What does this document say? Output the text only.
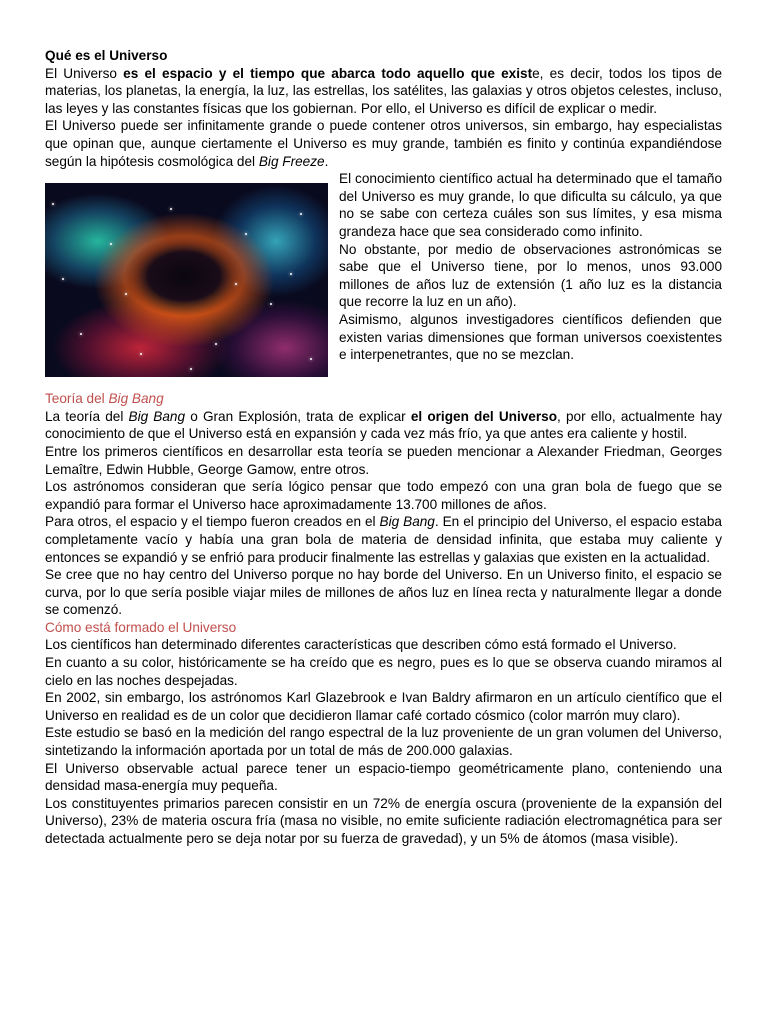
Qué es el Universo

El Universo es el espacio y el tiempo que abarca todo aquello que existe, es decir, todos los tipos de materias, los planetas, la energía, la luz, las estrellas, los satélites, las galaxias y otros objetos celestes, incluso, las leyes y las constantes físicas que los gobiernan. Por ello, el Universo es difícil de explicar o medir.

El Universo puede ser infinitamente grande o puede contener otros universos, sin embargo, hay especialistas que opinan que, aunque ciertamente el Universo es muy grande, también es finito y continúa expandiéndose según la hipótesis cosmológica del Big Freeze.

El conocimiento científico actual ha determinado que el tamaño del Universo es muy grande, lo que dificulta su cálculo, ya que no se sabe con certeza cuáles son sus límites, y esa misma grandeza hace que sea considerado como infinito.

No obstante, por medio de observaciones astronómicas se sabe que el Universo tiene, por lo menos, unos 93.000 millones de años luz de extensión (1 año luz es la distancia que recorre la luz en un año).

Asimismo, algunos investigadores científicos defienden que existen varias dimensiones que forman universos coexistentes e interpenetrantes, que no se mezclan.

Teoría del Big Bang

La teoría del Big Bang o Gran Explosión, trata de explicar el origen del Universo, por ello, actualmente hay conocimiento de que el Universo está en expansión y cada vez más frío, ya que antes era caliente y hostil.

Entre los primeros científicos en desarrollar esta teoría se pueden mencionar a Alexander Friedman, Georges Lemaître, Edwin Hubble, George Gamow, entre otros.

Los astrónomos consideran que sería lógico pensar que todo empezó con una gran bola de fuego que se expandió para formar el Universo hace aproximadamente 13.700 millones de años.

Para otros, el espacio y el tiempo fueron creados en el Big Bang. En el principio del Universo, el espacio estaba completamente vacío y había una gran bola de materia de densidad infinita, que estaba muy caliente y entonces se expandió y se enfrió para producir finalmente las estrellas y galaxias que existen en la actualidad.

Se cree que no hay centro del Universo porque no hay borde del Universo. En un Universo finito, el espacio se curva, por lo que sería posible viajar miles de millones de años luz en línea recta y naturalmente llegar a donde se comenzó.

Cómo está formado el Universo

Los científicos han determinado diferentes características que describen cómo está formado el Universo.

En cuanto a su color, históricamente se ha creído que es negro, pues es lo que se observa cuando miramos al cielo en las noches despejadas.

En 2002, sin embargo, los astrónomos Karl Glazebrook e Ivan Baldry afirmaron en un artículo científico que el Universo en realidad es de un color que decidieron llamar café cortado cósmico (color marrón muy claro).

Este estudio se basó en la medición del rango espectral de la luz proveniente de un gran volumen del Universo, sintetizando la información aportada por un total de más de 200.000 galaxias.

El Universo observable actual parece tener un espacio-tiempo geométricamente plano, conteniendo una densidad masa-energía muy pequeña.

Los constituyentes primarios parecen consistir en un 72% de energía oscura (proveniente de la expansión del Universo), 23% de materia oscura fría (masa no visible, no emite suficiente radiación electromagnética para ser detectada actualmente pero se deja notar por su fuerza de gravedad), y un 5% de átomos (masa visible).
